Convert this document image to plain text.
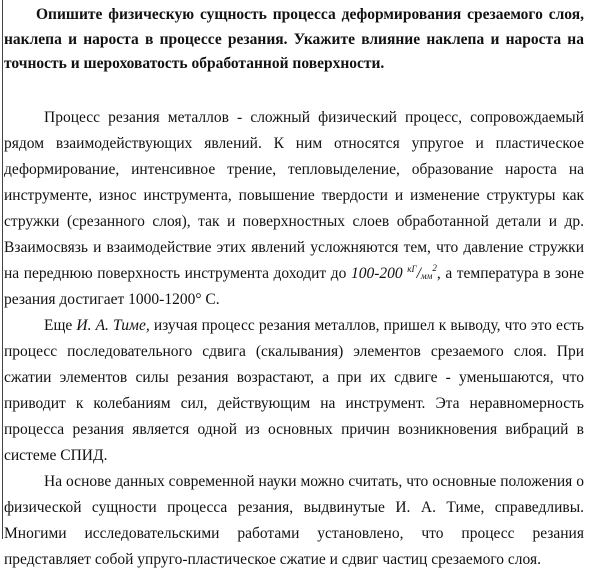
Опишите физическую сущность процесса деформирования срезаемого слоя, наклепа и нароста в процессе резания. Укажите влияние наклепа и нароста на точность и шероховатость обработанной поверхности.

Процесс резания металлов - сложный физический процесс, сопровождаемый рядом взаимодействующих явлений. К ним относятся упругое и пластическое деформирование, интенсивное трение, тепловыделение, образование нароста на инструменте, износ инструмента, повышение твердости и изменение структуры как стружки (срезанного слоя), так и поверхностных слоев обработанной детали и др. Взаимосвязь и взаимодействие этих явлений усложняются тем, что давление стружки на переднюю поверхность инструмента доходит до 100-200 $^{кГ}/_{мм}^2$, а температура в зоне резания достигает 1000-1200° С.

Еще И. А. Тиме, изучая процесс резания металлов, пришел к выводу, что это есть процесс последовательного сдвига (скалывания) элементов срезаемого слоя. При сжатии элементов силы резания возрастают, а при их сдвиге - уменьшаются, что приводит к колебаниям сил, действующим на инструмент. Эта неравномерность процесса резания является одной из основных причин возникновения вибраций в системе СПИД.

На основе данных современной науки можно считать, что основные положения о физической сущности процесса резания, выдвинутые И. А. Тиме, справедливы. Многими исследовательскими работами установлено, что процесс резания представляет собой упруго-пластическое сжатие и сдвиг частиц срезаемого слоя.
